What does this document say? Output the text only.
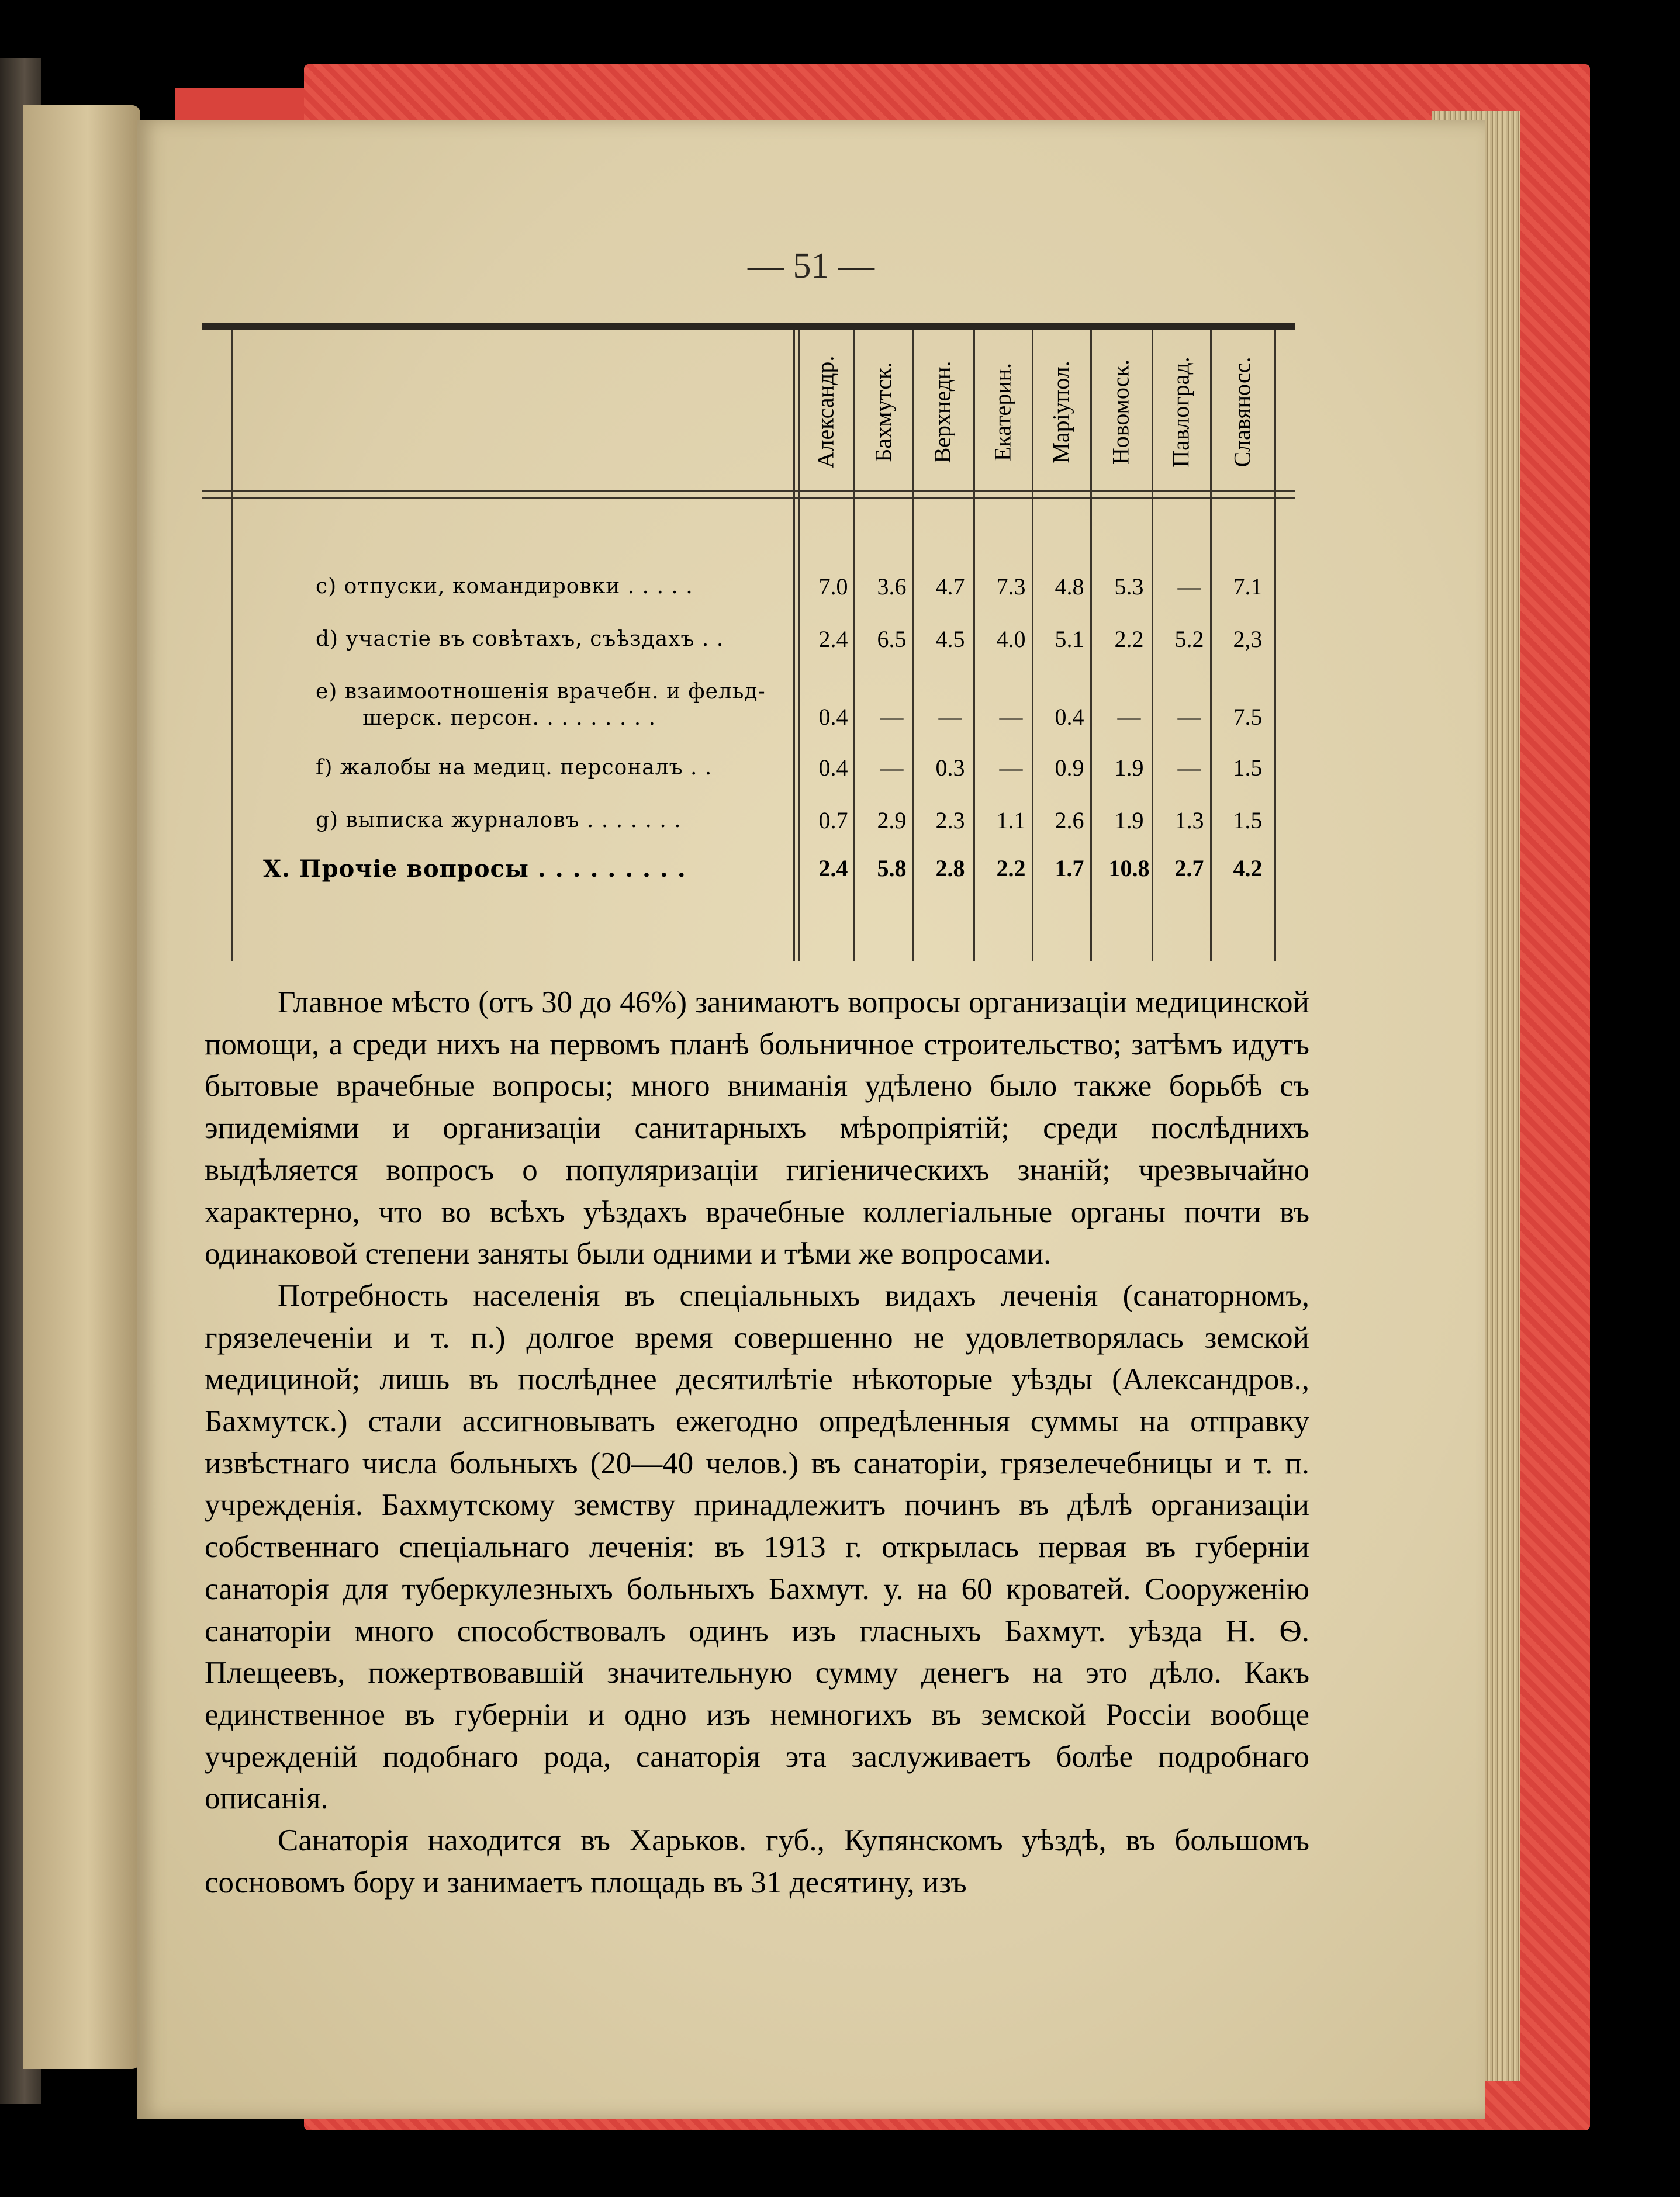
— 51 —
Александр. Бахмутск. Верхнедн. Екатерин. Марiупол. Новомоск. Павлоград. Славяносс.
c) отпуски, командировки . . . . .	7.0	3.6	4.7	7.3	4.8	5.3	—	7.1
d) участiе въ совѣтахъ, съѣздахъ . .	2.4	6.5	4.5	4.0	5.1	2.2	5.2	2,3
e) взаимоотношенiя врачебн. и фельд-
шерск. персон. . . . . . . . .	0.4	—	—	—	0.4	—	—	7.5
f) жалобы на медиц. персоналъ . .	0.4	—	0.3	—	0.9	1.9	—	1.5
g) выписка журналовъ . . . . . . .	0.7	2.9	2.3	1.1	2.6	1.9	1.3	1.5
X. Прочiе вопросы . . . . . . . . .	2.4	5.8	2.8	2.2	1.7	10.8	2.7	4.2

Главное мѣсто (отъ 30 до 46%) занимаютъ вопросы организацiи медицинской помощи, а среди нихъ на первомъ планѣ больничное строительство; затѣмъ идутъ бытовые врачебные вопросы; много вниманiя удѣлено было также борьбѣ съ эпидемiями и организацiи санитарныхъ мѣропрiятiй; среди послѣднихъ выдѣляется вопросъ о популяризацiи гигiеническихъ знанiй; чрезвычайно характерно, что во всѣхъ уѣздахъ врачебные коллегiальные органы почти въ одинаковой степени заняты были одними и тѣми же вопросами.

Потребность населенiя въ спецiальныхъ видахъ леченiя (санаторномъ, грязелеченiи и т. п.) долгое время совершенно не удовлетворялась земской медициной; лишь въ послѣднее десятилѣтiе нѣкоторые уѣзды (Александров., Бахмутск.) стали ассигновывать ежегодно опредѣленныя суммы на отправку извѣстнаго числа больныхъ (20—40 челов.) въ санаторiи, грязелечебницы и т. п. учрежденiя. Бахмутскому земству принадлежитъ починъ въ дѣлѣ организацiи собственнаго спецiальнаго леченiя: въ 1913 г. открылась первая въ губернiи санаторiя для туберкулезныхъ больныхъ Бахмут. у. на 60 кроватей. Сооруженiю санаторiи много способствовалъ одинъ изъ гласныхъ Бахмут. уѣзда Н. Ѳ. Плещеевъ, пожертвовавшiй значительную сумму денегъ на это дѣло. Какъ единственное въ губернiи и одно изъ немногихъ въ земской Россiи вообще учрежденiй подобнаго рода, санаторiя эта заслуживаетъ болѣе подробнаго описанiя.

Санаторiя находится въ Харьков. губ., Купянскомъ уѣздѣ, въ большомъ сосновомъ бору и занимаетъ площадь въ 31 десятину, изъ
